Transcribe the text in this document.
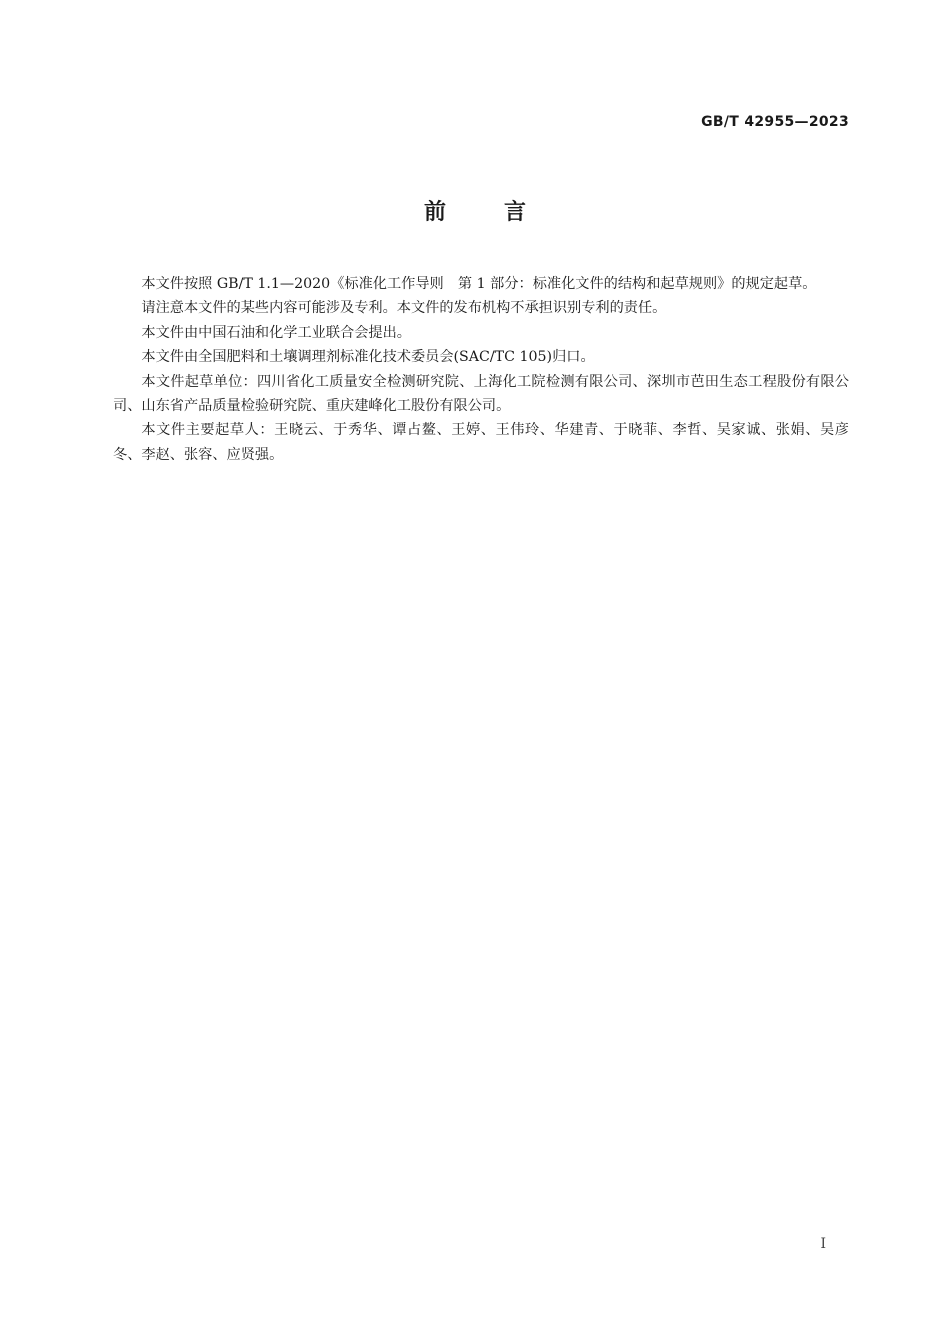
GB/T 42955—2023
前	言

本文件按照 GB/T 1.1—2020《标准化工作导则　第 1 部分：标准化文件的结构和起草规则》的规定起草。

请注意本文件的某些内容可能涉及专利。本文件的发布机构不承担识别专利的责任。

本文件由中国石油和化学工业联合会提出。

本文件由全国肥料和土壤调理剂标准化技术委员会(SAC/TC 105)归口。

本文件起草单位：四川省化工质量安全检测研究院、上海化工院检测有限公司、深圳市芭田生态工程股份有限公司、山东省产品质量检验研究院、重庆建峰化工股份有限公司。

本文件主要起草人：王晓云、于秀华、谭占鳌、王婷、王伟玲、华建青、于晓菲、李哲、吴家诚、张娟、吴彦冬、李赵、张容、应贤强。

I
